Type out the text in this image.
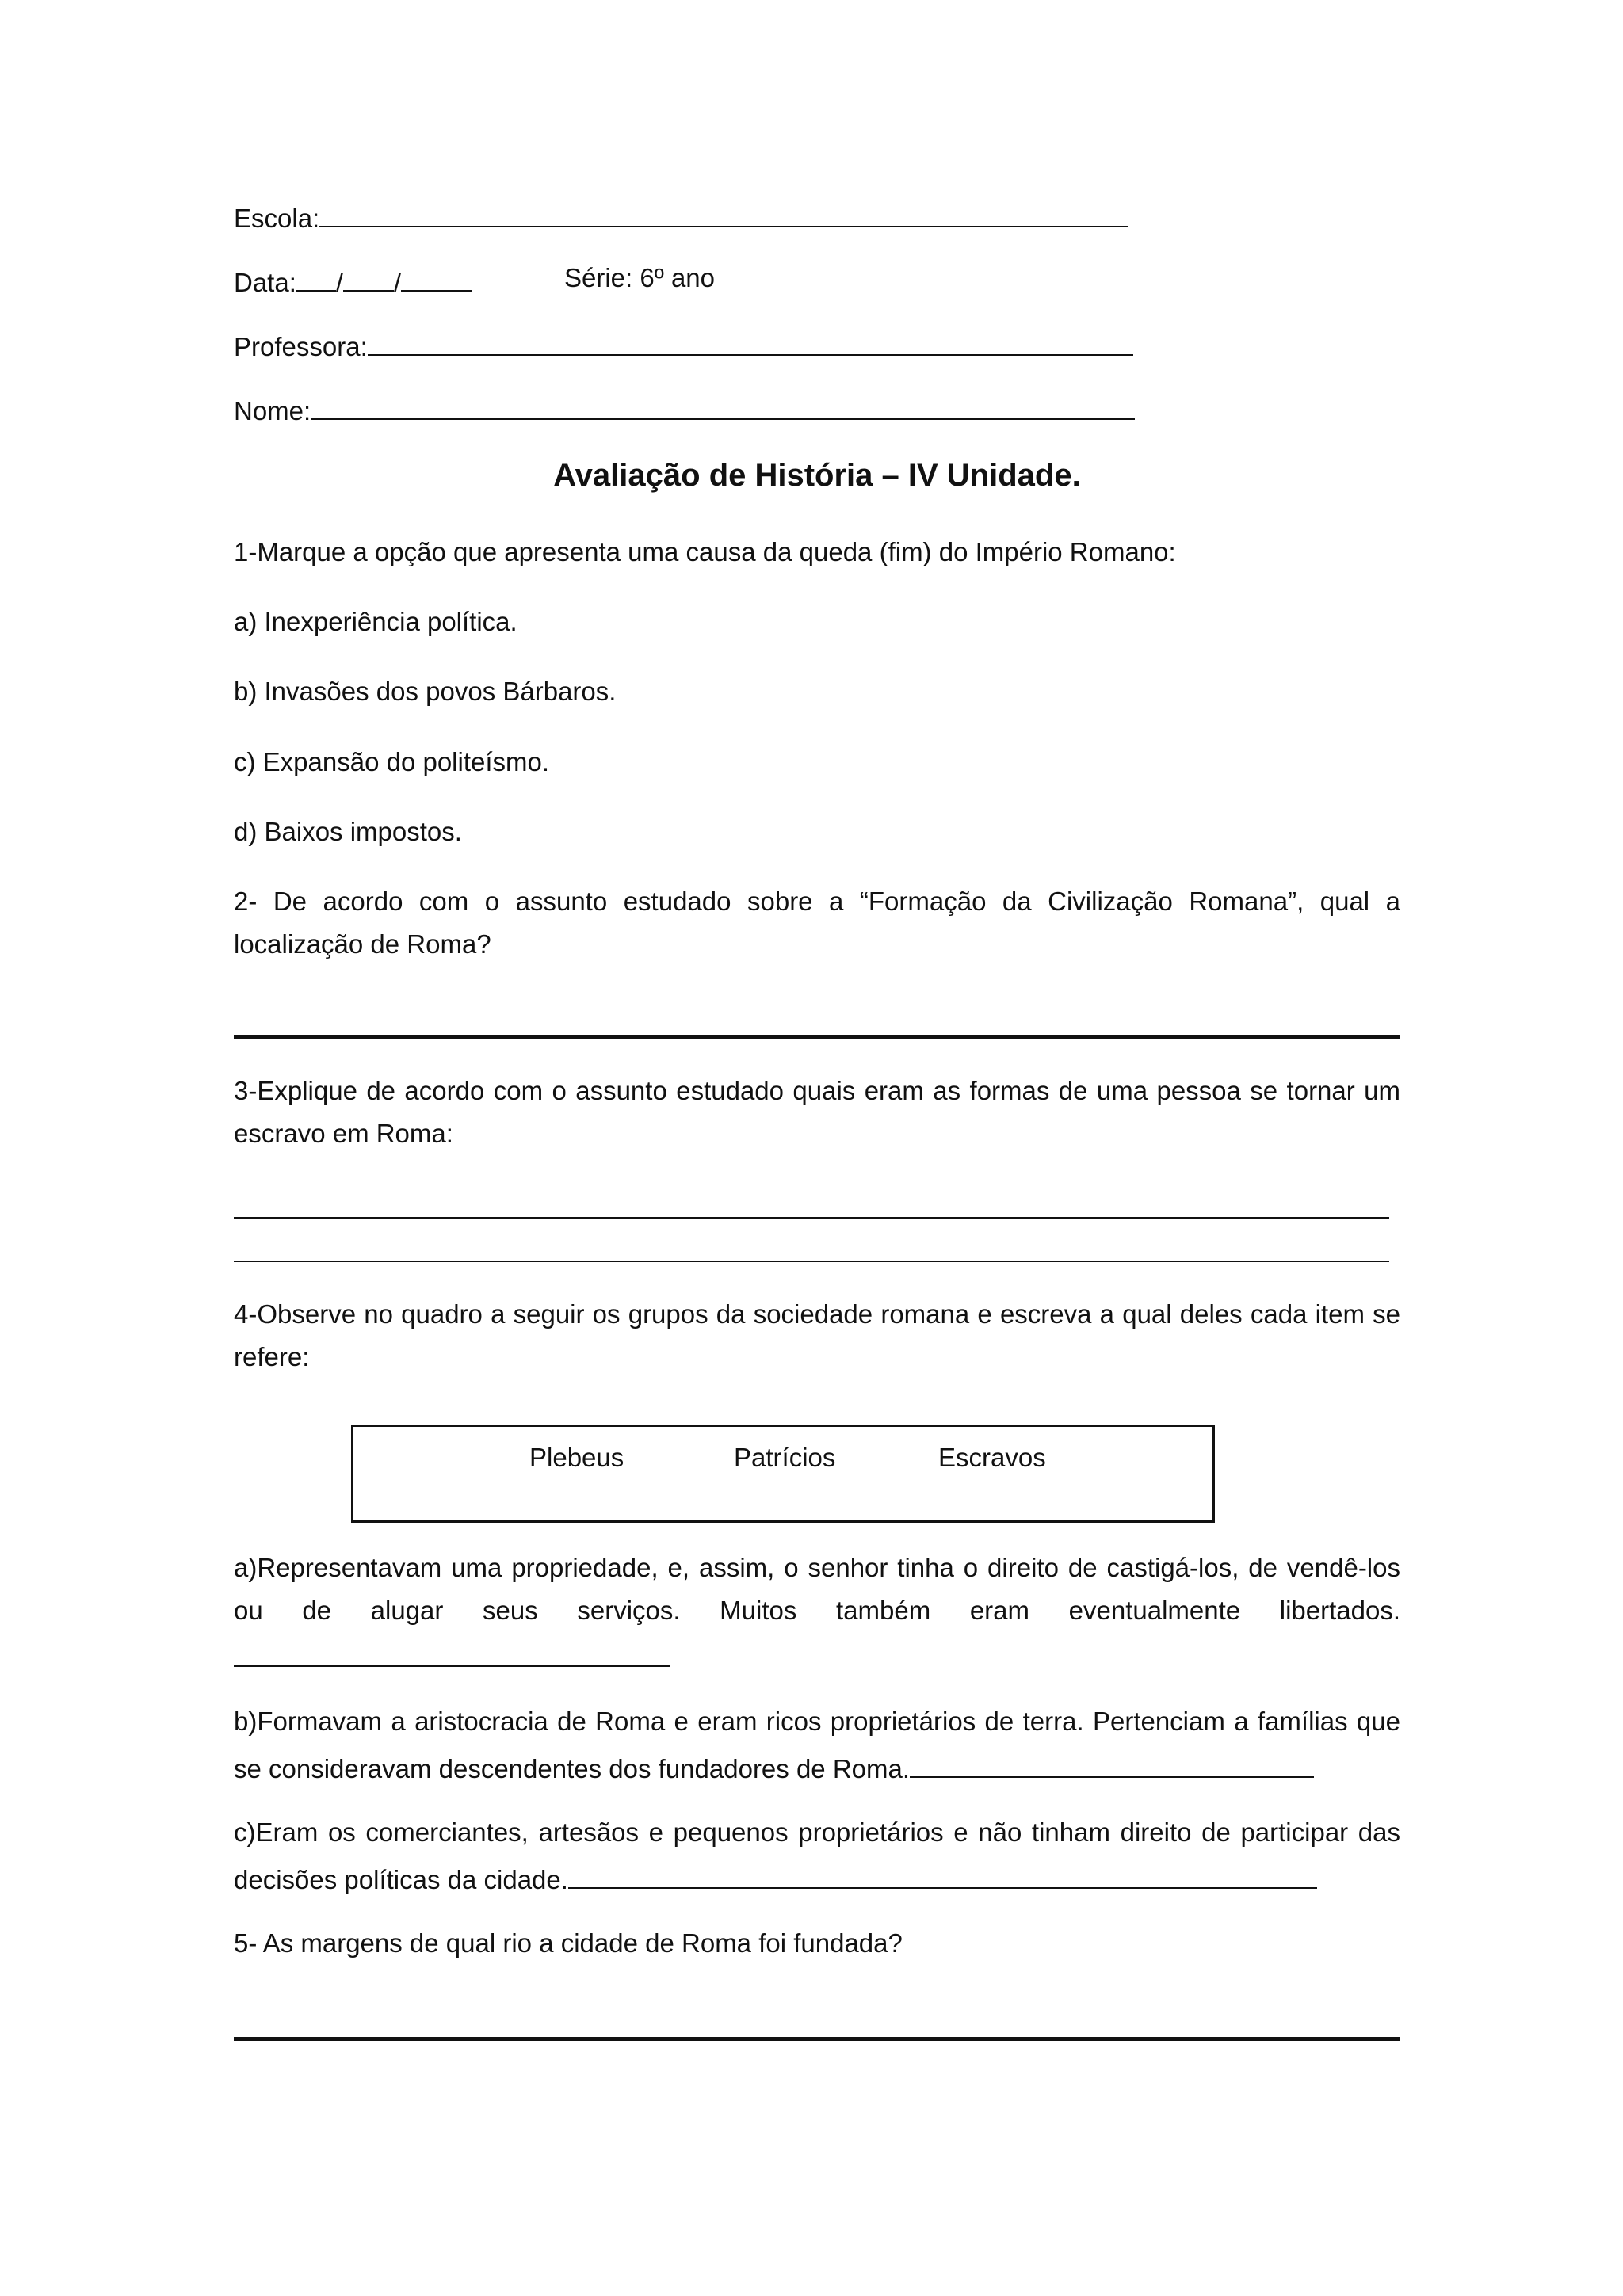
Escola:
Data: / /	Série: 6º ano
Professora:
Nome:
Avaliação de História – IV Unidade.
1-Marque a opção que apresenta uma causa da queda (fim) do Império Romano:
a) Inexperiência política.
b) Invasões dos povos Bárbaros.
c) Expansão do politeísmo.
d) Baixos impostos.
2- De acordo com o assunto estudado sobre a “Formação da Civilização Romana”, qual a localização de Roma?
3-Explique de acordo com o assunto estudado quais eram as formas de uma pessoa se tornar um escravo em Roma:
4-Observe no quadro a seguir os grupos da sociedade romana e escreva a qual deles cada item se refere:
Plebeus	Patrícios	Escravos
a)Representavam uma propriedade, e, assim, o senhor tinha o direito de castigá-los, de vendê-los ou de alugar seus serviços. Muitos também eram eventualmente libertados.
b)Formavam a aristocracia de Roma e eram ricos proprietários de terra. Pertenciam a famílias que se consideravam descendentes dos fundadores de Roma.
c)Eram os comerciantes, artesãos e pequenos proprietários e não tinham direito de participar das decisões políticas da cidade.
5- As margens de qual rio a cidade de Roma foi fundada?
